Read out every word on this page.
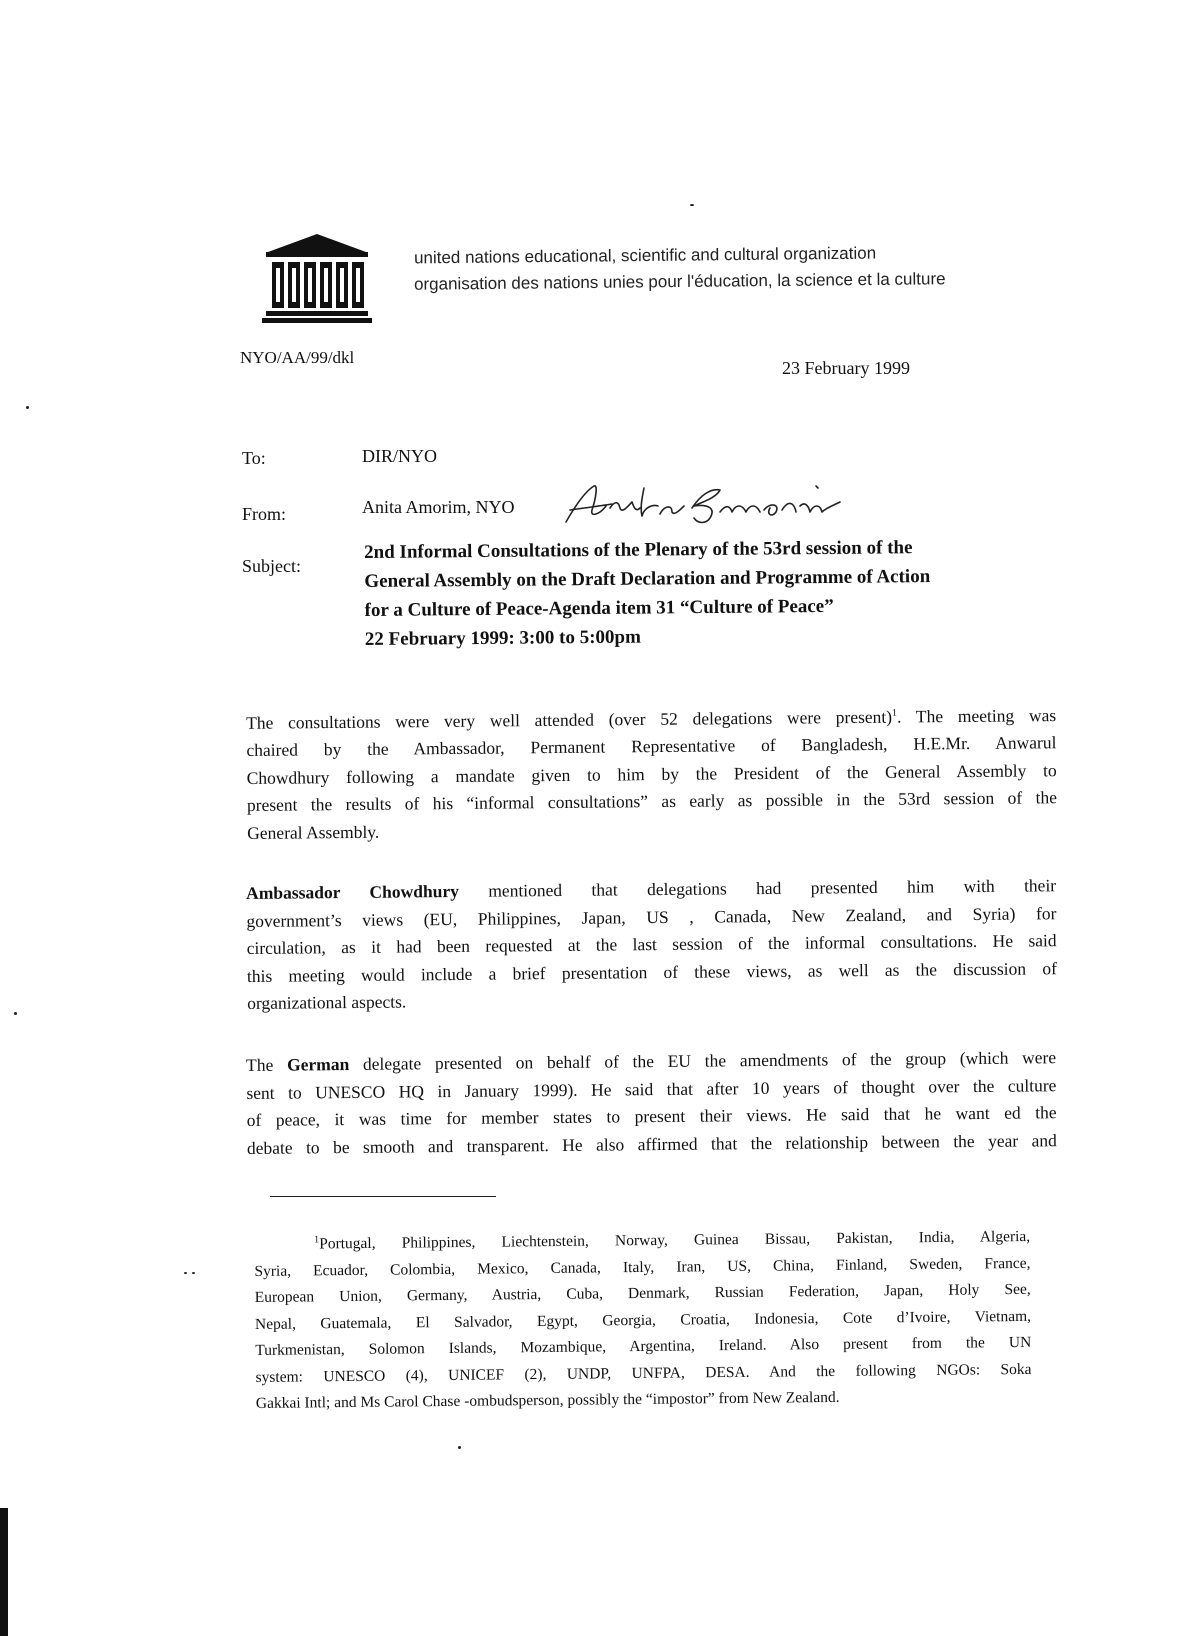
united nations educational, scientific and cultural organization
organisation des nations unies pour l'éducation, la science et la culture
NYO/AA/99/dkl
23 February 1999
To:	DIR/NYO
From:	Anita Amorim, NYO
Subject:
2nd Informal Consultations of the Plenary of the 53rd session of the
General Assembly on the Draft Declaration and Programme of Action
for a Culture of Peace-Agenda item 31 “Culture of Peace”
22 February 1999: 3:00 to 5:00pm
The consultations were very well attended (over 52 delegations were present)$^1$. The meeting was
chaired by the Ambassador, Permanent Representative of Bangladesh, H.E.Mr. Anwarul
Chowdhury following a mandate given to him by the President of the General Assembly to
present the results of his “informal consultations” as early as possible in the 53rd session of the
General Assembly.
Ambassador Chowdhury mentioned that delegations had presented him with their
government’s views (EU, Philippines, Japan, US , Canada, New Zealand, and Syria) for
circulation, as it had been requested at the last session of the informal consultations. He said
this meeting would include a brief presentation of these views, as well as the discussion of
organizational aspects.
The German delegate presented on behalf of the EU the amendments of the group (which were
sent to UNESCO HQ in January 1999). He said that after 10 years of thought over the culture
of peace, it was time for member states to present their views. He said that he want ed the
debate to be smooth and transparent. He also affirmed that the relationship between the year and
$^1$Portugal, Philippines, Liechtenstein, Norway, Guinea Bissau, Pakistan, India, Algeria,
Syria, Ecuador, Colombia, Mexico, Canada, Italy, Iran, US, China, Finland, Sweden, France,
European Union, Germany, Austria, Cuba, Denmark, Russian Federation, Japan, Holy See,
Nepal, Guatemala, El Salvador, Egypt, Georgia, Croatia, Indonesia, Cote d’Ivoire, Vietnam,
Turkmenistan, Solomon Islands, Mozambique, Argentina, Ireland. Also present from the UN
system: UNESCO (4), UNICEF (2), UNDP, UNFPA, DESA. And the following NGOs: Soka
Gakkai Intl; and Ms Carol Chase -ombudsperson, possibly the “impostor” from New Zealand.
